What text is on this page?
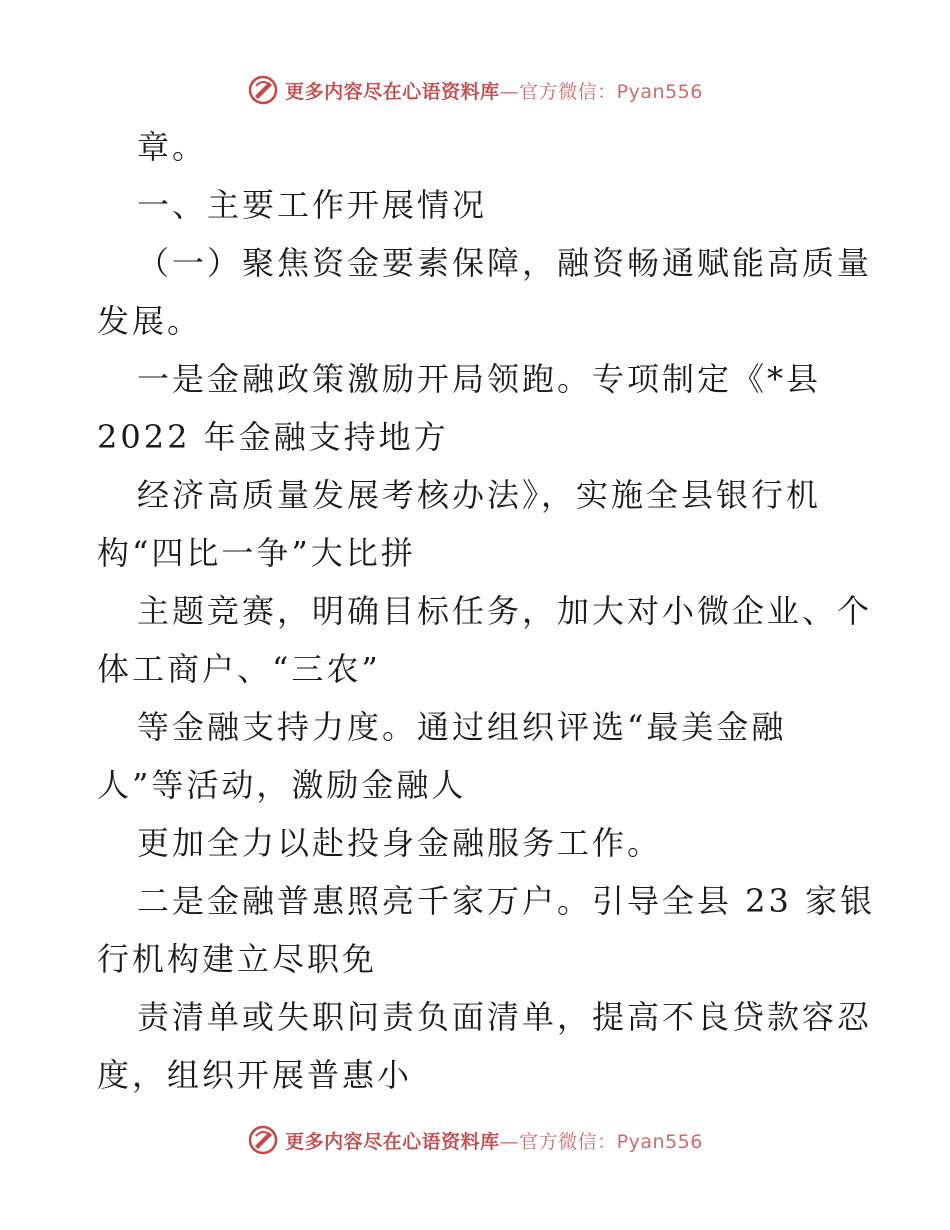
更多内容尽在心语资料库 —官方微信：Pyan556
章。
一、主要工作开展情况
（一）聚焦资金要素保障，融资畅通赋能高质量
发展。
一是金融政策激励开局领跑。专项制定《*县
2022 年金融支持地方
经济高质量发展考核办法》，实施全县银行机
构“四比一争”大比拼
主题竞赛，明确目标任务，加大对小微企业、个
体工商户、“三农”
等金融支持力度。通过组织评选“最美金融
人”等活动，激励金融人
更加全力以赴投身金融服务工作。
二是金融普惠照亮千家万户。引导全县 23 家银
行机构建立尽职免
责清单或失职问责负面清单，提高不良贷款容忍
度，组织开展普惠小
更多内容尽在心语资料库 —官方微信：Pyan556
